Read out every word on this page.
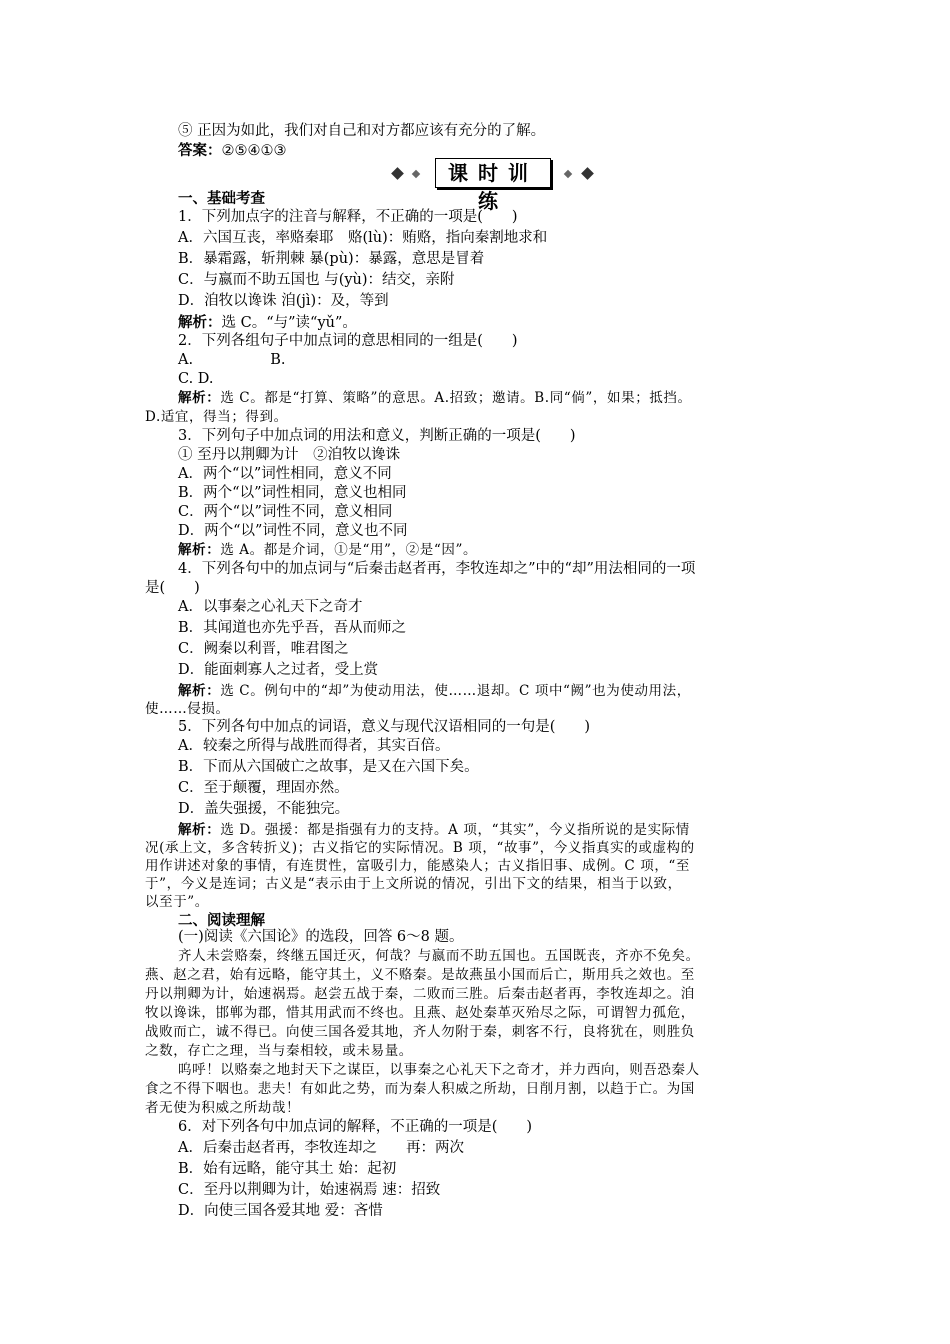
⑤ 正因为如此，我们对自己和对方都应该有充分的了解。
答案：②⑤④①③
课时训练
一、基础考查
1．下列加点字的注音与解释，不正确的一项是(　　)
A．六国互丧，率赂秦耶　赂(lù)：贿赂，指向秦割地求和
B．暴霜露，斩荆棘 暴(pù)：暴露，意思是冒着
C．与嬴而不助五国也 与(yù)：结交，亲附
D．洎牧以谗诛 洎(jì)：及，等到
解析：选 C。“与”读“yǔ”。
2．下列各组句子中加点词的意思相同的一组是(　　)
A.　　　　　 B.
C. D.
解析：选 C。都是“打算、策略”的意思。A.招致；邀请。B.同“倘”，如果；抵挡。
D.适宜，得当；得到。
3．下列句子中加点词的用法和意义，判断正确的一项是(　　)
① 至丹以荆卿为计　②洎牧以谗诛
A．两个“以”词性相同，意义不同
B．两个“以”词性相同，意义也相同
C．两个“以”词性不同，意义相同
D．两个“以”词性不同，意义也不同
解析：选 A。都是介词，①是“用”，②是“因”。
4．下列各句中的加点词与“后秦击赵者再，李牧连却之”中的“却”用法相同的一项
是(　　)
A．以事秦之心礼天下之奇才
B．其闻道也亦先乎吾，吾从而师之
C．阙秦以利晋，唯君图之
D．能面刺寡人之过者，受上赏
解析：选 C。例句中的“却”为使动用法，使……退却。C 项中“阙”也为使动用法，
使……侵损。
5．下列各句中加点的词语，意义与现代汉语相同的一句是(　　)
A．较秦之所得与战胜而得者，其实百倍。
B．下而从六国破亡之故事，是又在六国下矣。
C．至于颠覆，理固亦然。
D．盖失强援，不能独完。
解析：选 D。强援：都是指强有力的支持。A 项，“其实”，今义指所说的是实际情
况(承上文，多含转折义)；古义指它的实际情况。B 项，“故事”，今义指真实的或虚构的
用作讲述对象的事情，有连贯性，富吸引力，能感染人；古义指旧事、成例。C 项，“至
于”，今义是连词；古义是“表示由于上文所说的情况，引出下文的结果，相当于以致，
以至于”。
二、阅读理解
(一)阅读《六国论》的选段，回答 6～8 题。
齐人未尝赂秦，终继五国迁灭，何哉？与嬴而不助五国也。五国既丧，齐亦不免矣。
燕、赵之君，始有远略，能守其土，义不赂秦。是故燕虽小国而后亡，斯用兵之效也。至
丹以荆卿为计，始速祸焉。赵尝五战于秦，二败而三胜。后秦击赵者再，李牧连却之。洎
牧以谗诛，邯郸为郡，惜其用武而不终也。且燕、赵处秦革灭殆尽之际，可谓智力孤危，
战败而亡，诚不得已。向使三国各爱其地，齐人勿附于秦，刺客不行，良将犹在，则胜负
之数，存亡之理，当与秦相较，或未易量。
呜呼！以赂秦之地封天下之谋臣，以事秦之心礼天下之奇才，并力西向，则吾恐秦人
食之不得下咽也。悲夫！有如此之势，而为秦人积威之所劫，日削月割，以趋于亡。为国
者无使为积威之所劫哉！
6．对下列各句中加点词的解释，不正确的一项是(　　)
A．后秦击赵者再，李牧连却之　　再：两次
B．始有远略，能守其土 始：起初
C．至丹以荆卿为计，始速祸焉 速：招致
D．向使三国各爱其地 爱：吝惜
